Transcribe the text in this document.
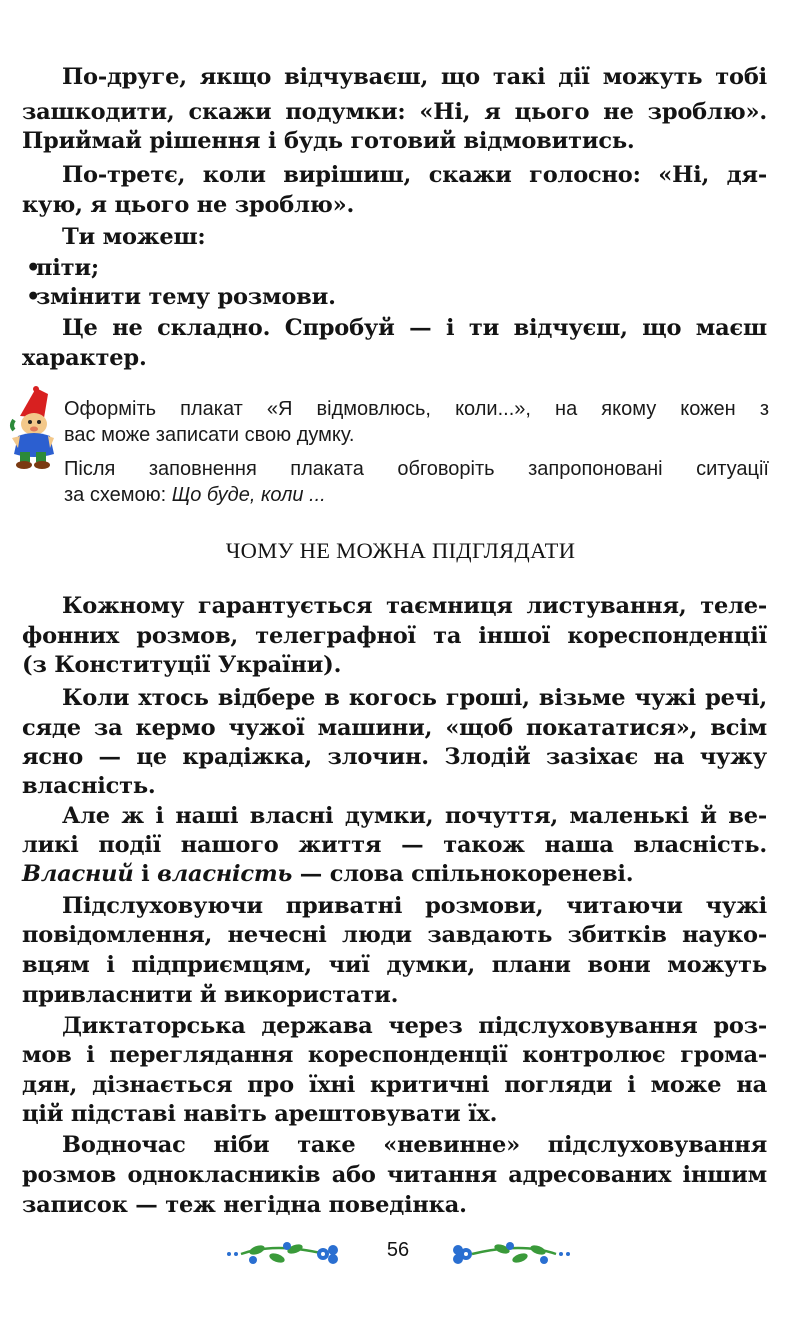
По-друге, якщо відчуваєш, що такі дії можуть тобі
зашкодити, скажи подумки: «Ні, я цього не зроблю».
Приймай рішення і будь готовий відмовитись.
По-третє, коли вирішиш, скажи голосно: «Ні, дя-
кую, я цього не зроблю».
Ти можеш:
•піти;
•змінити тему розмови.
Це не складно. Спробуй — і ти відчуєш, що маєш
характер.
Оформіть плакат «Я відмовлюсь, коли...», на якому кожен з
вас може записати свою думку.
Після заповнення плаката обговоріть запропоновані ситуації
за схемою: Що буде, коли ...
ЧОМУ НЕ МОЖНА ПІДГЛЯДАТИ
Кожному гарантується таємниця листування, теле-
фонних розмов, телеграфної та іншої кореспонденції
(з Конституції України).
Коли хтось відбере в когось гроші, візьме чужі речі,
сяде за кермо чужої машини, «щоб покататися», всім
ясно — це крадіжка, злочин. Злодій зазіхає на чужу
власність.
Але ж і наші власні думки, почуття, маленькі й ве-
ликі події нашого життя — також наша власність.
Власний і власність — слова спільнокореневі.
Підслуховуючи приватні розмови, читаючи чужі
повідомлення, нечесні люди завдають збитків науко-
вцям і підприємцям, чиї думки, плани вони можуть
привласнити й використати.
Диктаторська держава через підслуховування роз-
мов і переглядання кореспонденції контролює грома-
дян, дізнається про їхні критичні погляди і може на
цій підставі навіть арештовувати їх.
Водночас ніби таке «невинне» підслуховування
розмов однокласників або читання адресованих іншим
записок — теж негідна поведінка.
56
